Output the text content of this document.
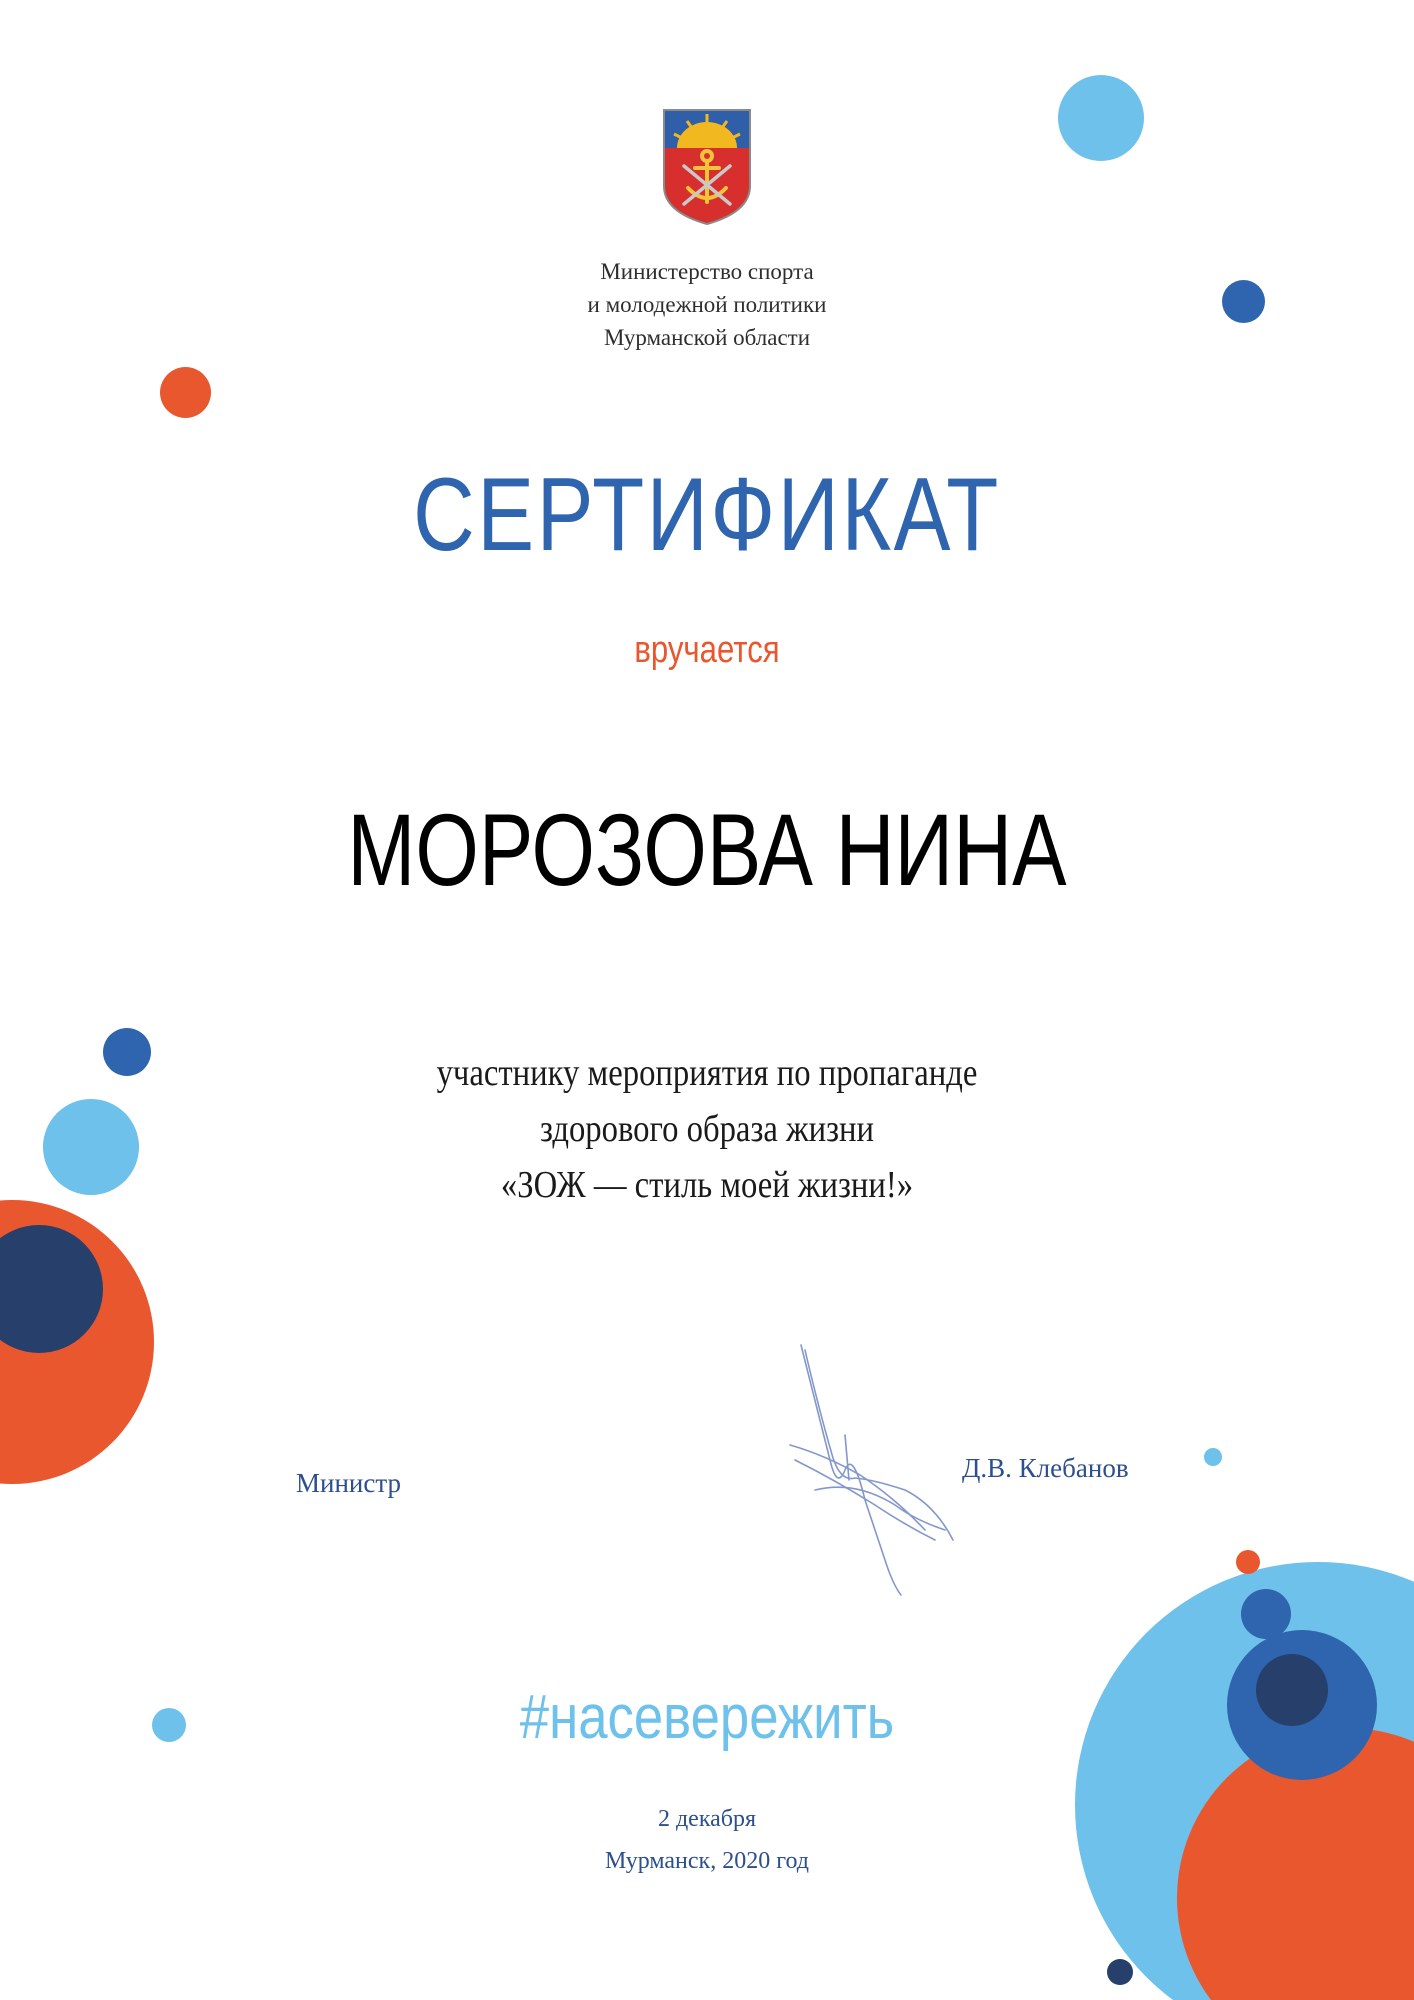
Министерство спорта
и молодежной политики
Мурманской области
СЕРТИФИКАТ
вручается
МОРОЗОВА НИНА
участнику мероприятия по пропаганде
здорового образа жизни
«ЗОЖ — стиль моей жизни!»
Министр	Д.В. Клебанов
#насевережить
2 декабря
Мурманск, 2020 год
